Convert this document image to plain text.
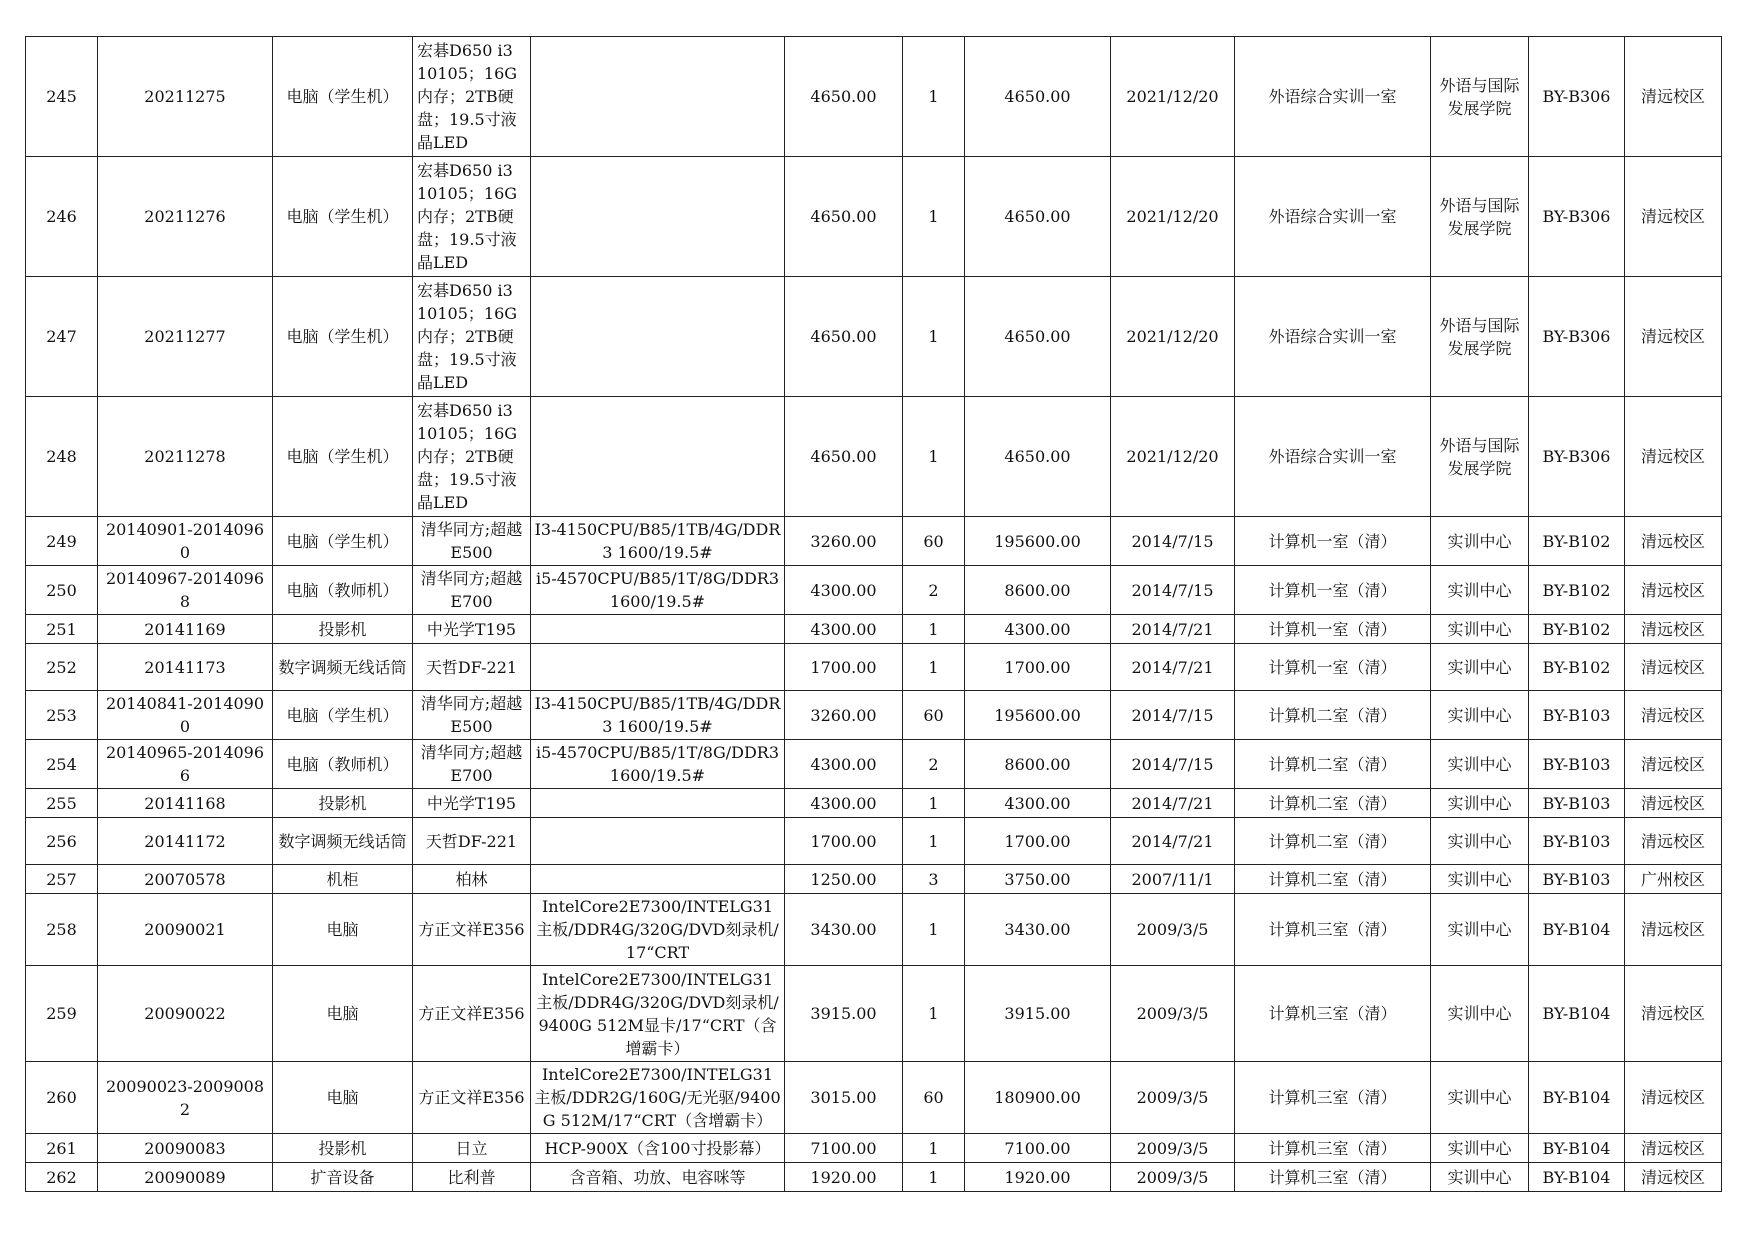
245	20211275	电脑（学生机）	宏碁D650 i3 10105；16G内存；2TB硬盘；19.5寸液晶LED		4650.00	1	4650.00	2021/12/20	外语综合实训一室	外语与国际发展学院	BY-B306	清远校区
246	20211276	电脑（学生机）	宏碁D650 i3 10105；16G内存；2TB硬盘；19.5寸液晶LED		4650.00	1	4650.00	2021/12/20	外语综合实训一室	外语与国际发展学院	BY-B306	清远校区
247	20211277	电脑（学生机）	宏碁D650 i3 10105；16G内存；2TB硬盘；19.5寸液晶LED		4650.00	1	4650.00	2021/12/20	外语综合实训一室	外语与国际发展学院	BY-B306	清远校区
248	20211278	电脑（学生机）	宏碁D650 i3 10105；16G内存；2TB硬盘；19.5寸液晶LED		4650.00	1	4650.00	2021/12/20	外语综合实训一室	外语与国际发展学院	BY-B306	清远校区
249	20140901-20140960	电脑（学生机）	清华同方;超越E500	I3-4150CPU/B85/1TB/4G/DDR3 1600/19.5#	3260.00	60	195600.00	2014/7/15	计算机一室（清）	实训中心	BY-B102	清远校区
250	20140967-20140968	电脑（教师机）	清华同方;超越E700	i5-4570CPU/B85/1T/8G/DDR3 1600/19.5#	4300.00	2	8600.00	2014/7/15	计算机一室（清）	实训中心	BY-B102	清远校区
251	20141169	投影机	中光学T195		4300.00	1	4300.00	2014/7/21	计算机一室（清）	实训中心	BY-B102	清远校区
252	20141173	数字调频无线话筒	天哲DF-221		1700.00	1	1700.00	2014/7/21	计算机一室（清）	实训中心	BY-B102	清远校区
253	20140841-20140900	电脑（学生机）	清华同方;超越E500	I3-4150CPU/B85/1TB/4G/DDR3 1600/19.5#	3260.00	60	195600.00	2014/7/15	计算机二室（清）	实训中心	BY-B103	清远校区
254	20140965-20140966	电脑（教师机）	清华同方;超越E700	i5-4570CPU/B85/1T/8G/DDR3 1600/19.5#	4300.00	2	8600.00	2014/7/15	计算机二室（清）	实训中心	BY-B103	清远校区
255	20141168	投影机	中光学T195		4300.00	1	4300.00	2014/7/21	计算机二室（清）	实训中心	BY-B103	清远校区
256	20141172	数字调频无线话筒	天哲DF-221		1700.00	1	1700.00	2014/7/21	计算机二室（清）	实训中心	BY-B103	清远校区
257	20070578	机柜	柏林		1250.00	3	3750.00	2007/11/1	计算机二室（清）	实训中心	BY-B103	广州校区
258	20090021	电脑	方正文祥E356	IntelCore2E7300/INTELG31主板/DDR4G/320G/DVD刻录机/17“CRT	3430.00	1	3430.00	2009/3/5	计算机三室（清）	实训中心	BY-B104	清远校区
259	20090022	电脑	方正文祥E356	IntelCore2E7300/INTELG31主板/DDR4G/320G/DVD刻录机/9400G 512M显卡/17“CRT（含增霸卡）	3915.00	1	3915.00	2009/3/5	计算机三室（清）	实训中心	BY-B104	清远校区
260	20090023-20090082	电脑	方正文祥E356	IntelCore2E7300/INTELG31主板/DDR2G/160G/无光驱/9400G 512M/17“CRT（含增霸卡）	3015.00	60	180900.00	2009/3/5	计算机三室（清）	实训中心	BY-B104	清远校区
261	20090083	投影机	日立	HCP-900X（含100寸投影幕）	7100.00	1	7100.00	2009/3/5	计算机三室（清）	实训中心	BY-B104	清远校区
262	20090089	扩音设备	比利普	含音箱、功放、电容咪等	1920.00	1	1920.00	2009/3/5	计算机三室（清）	实训中心	BY-B104	清远校区
